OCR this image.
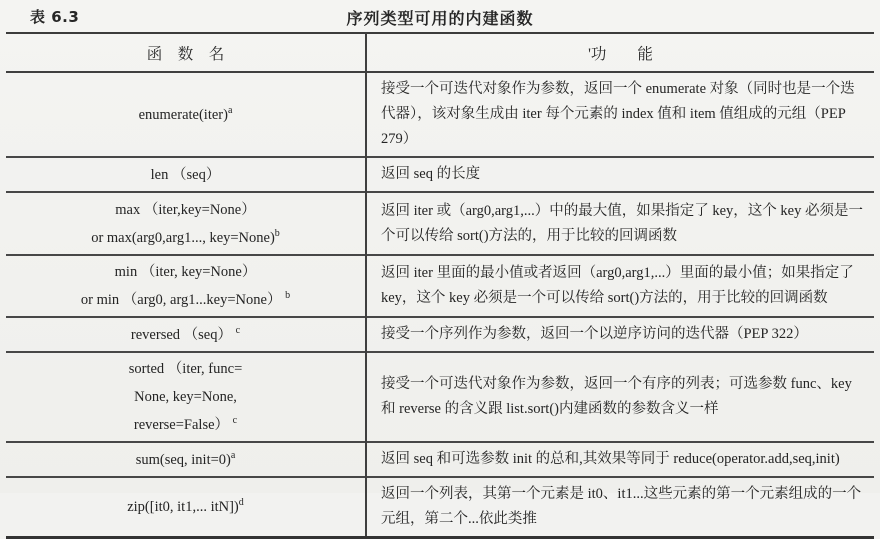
表 6.3	序列类型可用的内建函数
函　数　名	'功　　能

enumerate(iter)$^a$	接受一个可迭代对象作为参数，返回一个 enumerate 对象（同时也是一个迭代器），该对象生成由 iter 每个元素的 index 值和 item 值组成的元组（PEP 279）

len （seq）	返回 seq 的长度

max （iter,key=None）
or max(arg0,arg1..., key=None)$^b$	返回 iter 或（arg0,arg1,...）中的最大值，如果指定了 key，这个 key 必须是一个可以传给 sort()方法的，用于比较的回调函数

min （iter, key=None）
or min （arg0, arg1...key=None） $^b$	返回 iter 里面的最小值或者返回（arg0,arg1,...）里面的最小值；如果指定了 key，这个 key 必须是一个可以传给 sort()方法的，用于比较的回调函数

reversed （seq） $^c$	接受一个序列作为参数，返回一个以逆序访问的迭代器（PEP 322）

sorted （iter, func=
None, key=None,
reverse=False） $^c$	接受一个可迭代对象作为参数，返回一个有序的列表；可选参数 func、key 和 reverse 的含义跟 list.sort()内建函数的参数含义一样

sum(seq, init=0)$^a$	返回 seq 和可选参数 init 的总和,其效果等同于 reduce(operator.add,seq,init)

zip([it0, it1,... itN])$^d$	返回一个列表，其第一个元素是 it0、it1...这些元素的第一个元素组成的一个元组，第二个...依此类推
